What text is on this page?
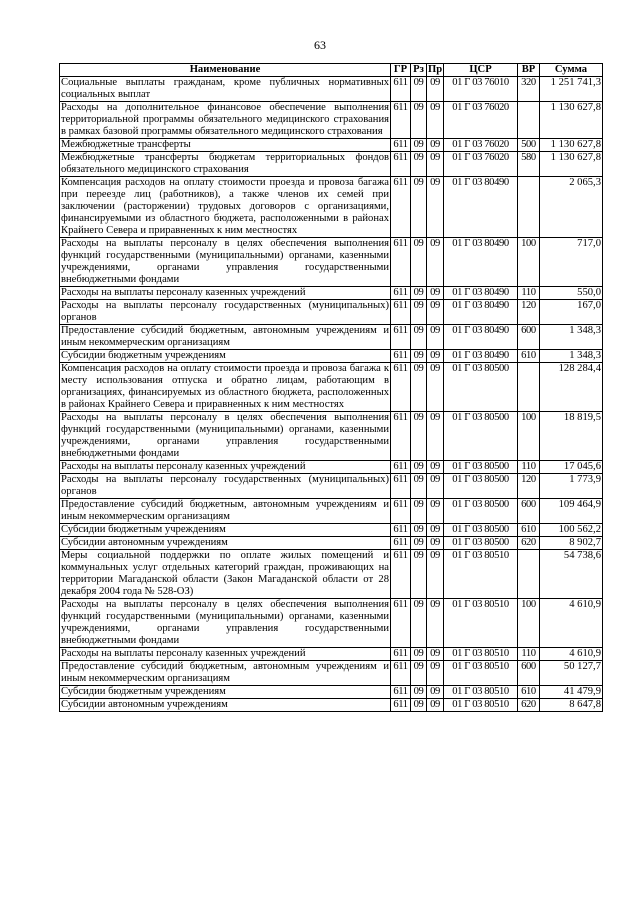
63
Наименование	ГР	Рз	Пр	ЦСР	ВР	Сумма
Социальные выплаты гражданам, кроме публичных нормативных социальных выплат	611	09	09	01 Г 03 76010	320	1 251 741,3
Расходы на дополнительное финансовое обеспечение выполнения территориальной программы обязательного медицинского страхования в рамках базовой программы обязательного медицинского страхования	611	09	09	01 Г 03 76020		1 130 627,8
Межбюджетные трансферты	611	09	09	01 Г 03 76020	500	1 130 627,8
Межбюджетные трансферты бюджетам территориальных фондов обязательного медицинского страхования	611	09	09	01 Г 03 76020	580	1 130 627,8
Компенсация расходов на оплату стоимости проезда и провоза багажа при переезде лиц (работников), а также членов их семей при заключении (расторжении) трудовых договоров с организациями, финансируемыми из областного бюджета, расположенными в районах Крайнего Севера и приравненных к ним местностях	611	09	09	01 Г 03 80490		2 065,3
Расходы на выплаты персоналу в целях обеспечения выполнения функций государственными (муниципальными) органами, казенными учреждениями, органами управления государственными внебюджетными фондами	611	09	09	01 Г 03 80490	100	717,0
Расходы на выплаты персоналу казенных учреждений	611	09	09	01 Г 03 80490	110	550,0
Расходы на выплаты персоналу государственных (муниципальных) органов	611	09	09	01 Г 03 80490	120	167,0
Предоставление субсидий бюджетным, автономным учреждениям и иным некоммерческим организациям	611	09	09	01 Г 03 80490	600	1 348,3
Субсидии бюджетным учреждениям	611	09	09	01 Г 03 80490	610	1 348,3
Компенсация расходов на оплату стоимости проезда и провоза багажа к месту использования отпуска и обратно лицам, работающим в организациях, финансируемых из областного бюджета, расположенных в районах Крайнего Севера и приравненных к ним местностях	611	09	09	01 Г 03 80500		128 284,4
Расходы на выплаты персоналу в целях обеспечения выполнения функций государственными (муниципальными) органами, казенными учреждениями, органами управления государственными внебюджетными фондами	611	09	09	01 Г 03 80500	100	18 819,5
Расходы на выплаты персоналу казенных учреждений	611	09	09	01 Г 03 80500	110	17 045,6
Расходы на выплаты персоналу государственных (муниципальных) органов	611	09	09	01 Г 03 80500	120	1 773,9
Предоставление субсидий бюджетным, автономным учреждениям и иным некоммерческим организациям	611	09	09	01 Г 03 80500	600	109 464,9
Субсидии бюджетным учреждениям	611	09	09	01 Г 03 80500	610	100 562,2
Субсидии автономным учреждениям	611	09	09	01 Г 03 80500	620	8 902,7
Меры социальной поддержки по оплате жилых помещений и коммунальных услуг отдельных категорий граждан, проживающих на территории Магаданской области (Закон Магаданской области от 28 декабря 2004 года № 528-ОЗ)	611	09	09	01 Г 03 80510		54 738,6
Расходы на выплаты персоналу в целях обеспечения выполнения функций государственными (муниципальными) органами, казенными учреждениями, органами управления государственными внебюджетными фондами	611	09	09	01 Г 03 80510	100	4 610,9
Расходы на выплаты персоналу казенных учреждений	611	09	09	01 Г 03 80510	110	4 610,9
Предоставление субсидий бюджетным, автономным учреждениям и иным некоммерческим организациям	611	09	09	01 Г 03 80510	600	50 127,7
Субсидии бюджетным учреждениям	611	09	09	01 Г 03 80510	610	41 479,9
Субсидии автономным учреждениям	611	09	09	01 Г 03 80510	620	8 647,8
